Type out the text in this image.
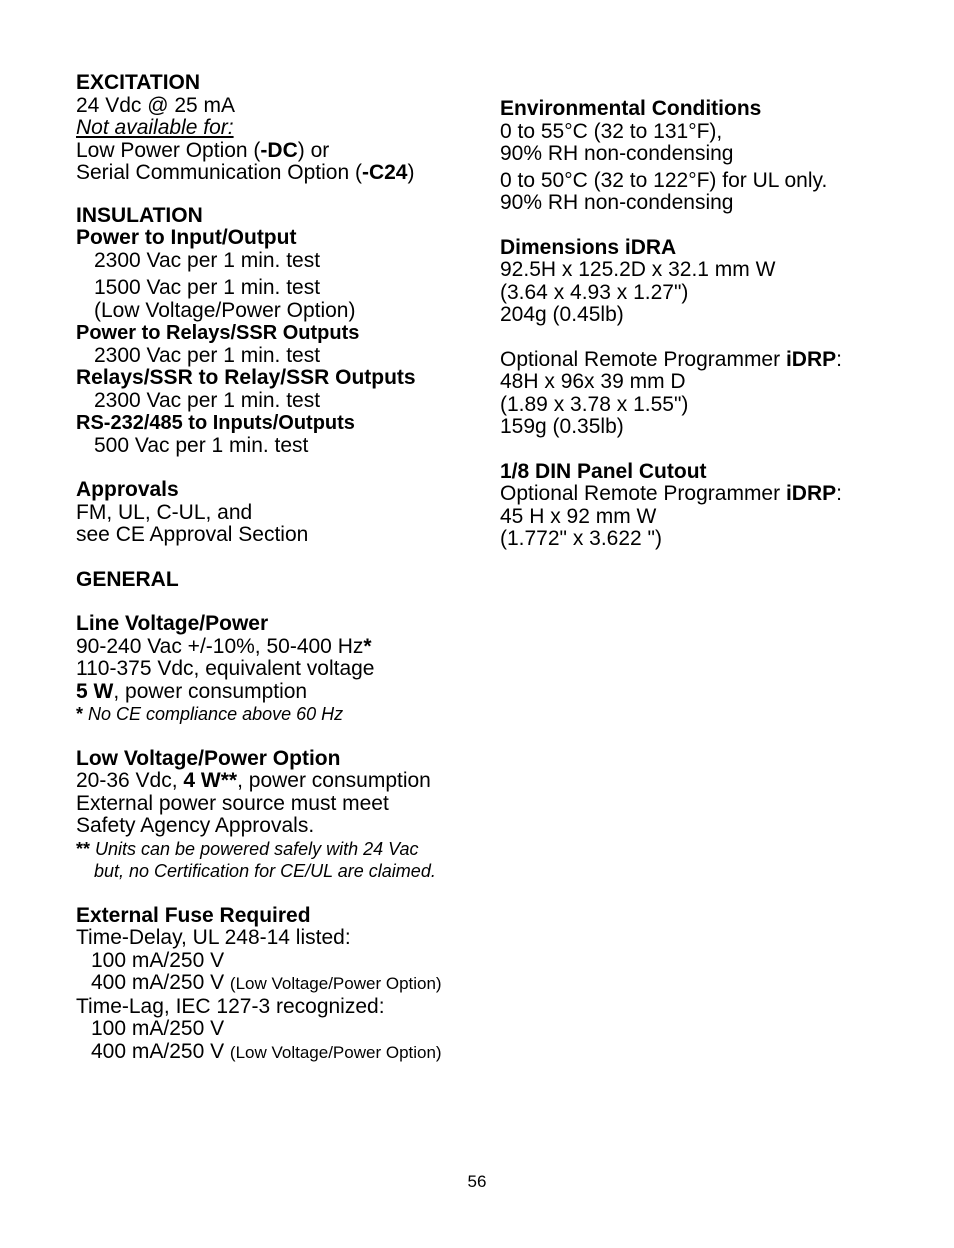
EXCITATION
24 Vdc @ 25 mA
Not available for:
Low Power Option (-DC) or
Serial Communication Option (-C24)
INSULATION
Power to Input/Output
2300 Vac per 1 min. test
1500 Vac per 1 min. test
(Low Voltage/Power Option)
Power to Relays/SSR Outputs
2300 Vac per 1 min. test
Relays/SSR to Relay/SSR Outputs
2300 Vac per 1 min. test
RS-232/485 to Inputs/Outputs
500 Vac per 1 min. test
Approvals
FM, UL, C-UL, and
see CE Approval Section
GENERAL
Line Voltage/Power
90-240 Vac +/-10%, 50-400 Hz*
110-375 Vdc, equivalent voltage
5 W, power consumption
* No CE compliance above 60 Hz
Low Voltage/Power Option
20-36 Vdc, 4 W**, power consumption
External power source must meet
Safety Agency Approvals.
** Units can be powered safely with 24 Vac
but, no Certification for CE/UL are claimed.
External Fuse Required
Time-Delay, UL 248-14 listed:
100 mA/250 V
400 mA/250 V (Low Voltage/Power Option)
Time-Lag, IEC 127-3 recognized:
100 mA/250 V
400 mA/250 V (Low Voltage/Power Option)
Environmental Conditions
0 to 55°C (32 to 131°F),
90% RH non-condensing
0 to 50°C (32 to 122°F) for UL only.
90% RH non-condensing
Dimensions iDRA
92.5H x 125.2D x 32.1 mm W
(3.64 x 4.93 x 1.27")
204g (0.45lb)
Optional Remote Programmer iDRP:
48H x 96x 39 mm D
(1.89 x 3.78 x 1.55")
159g (0.35lb)
1/8 DIN Panel Cutout
Optional Remote Programmer iDRP:
45 H x 92 mm W
(1.772" x 3.622 ")
56
